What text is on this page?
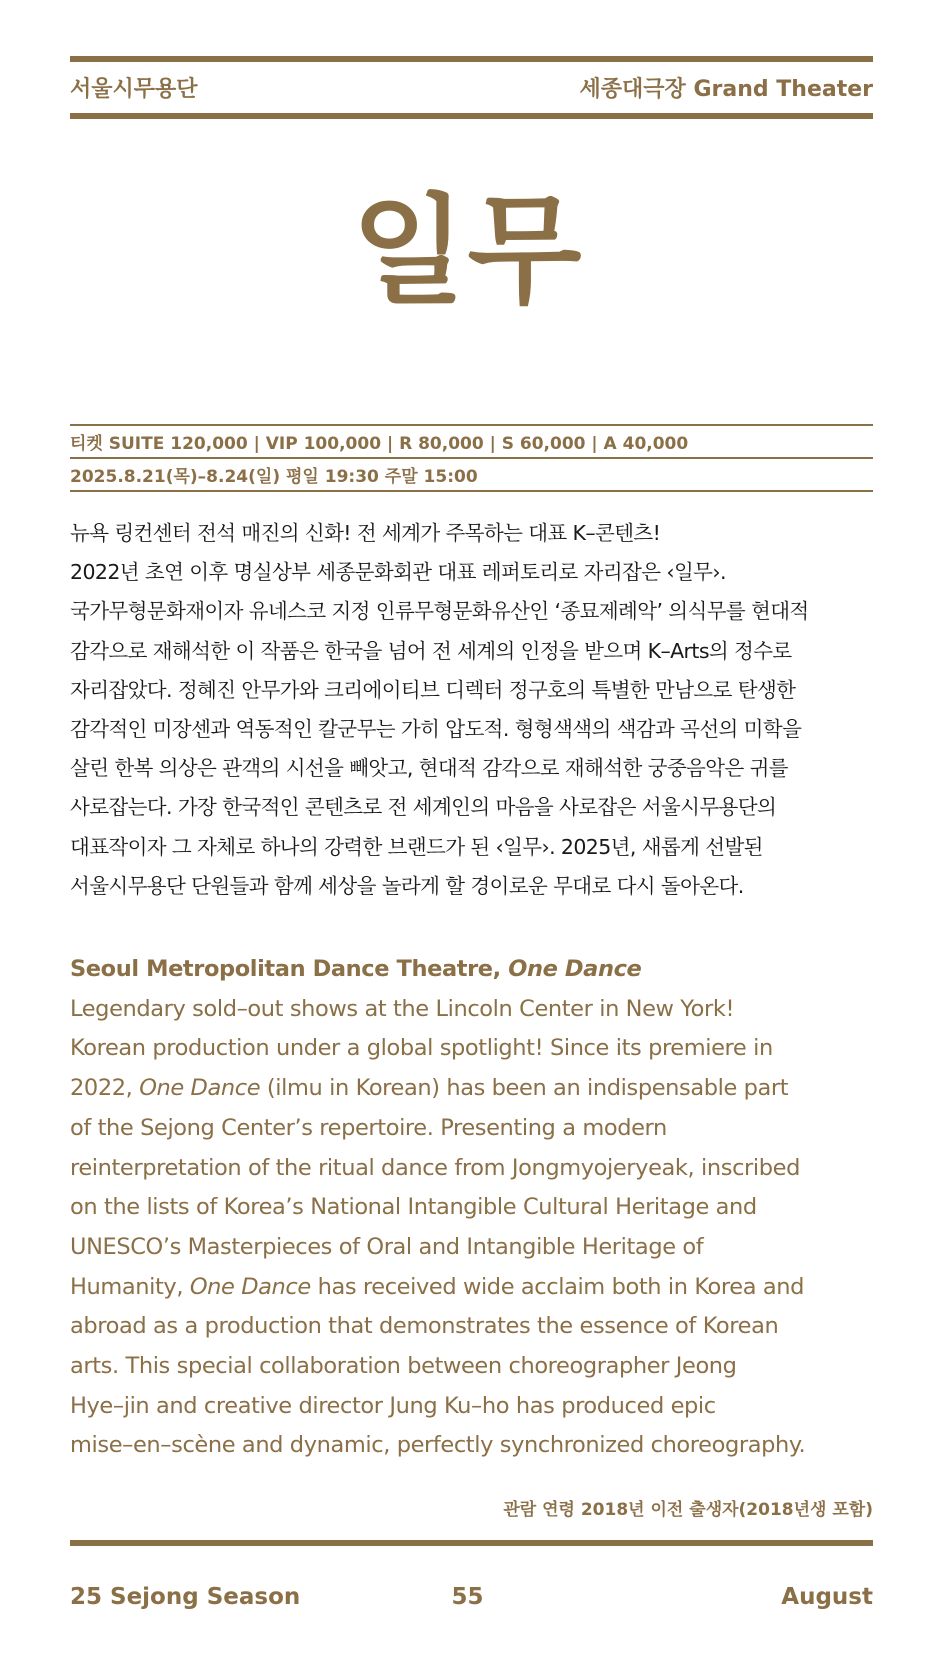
서울시무용단	세종대극장 Grand Theater
일무
티켓 SUITE 120,000 | VIP 100,000 | R 80,000 | S 60,000 | A 40,000
2025.8.21(목)–8.24(일) 평일 19:30 주말 15:00
뉴욕 링컨센터 전석 매진의 신화! 전 세계가 주목하는 대표 K–콘텐츠!
2022년 초연 이후 명실상부 세종문화회관 대표 레퍼토리로 자리잡은 ‹일무›.
국가무형문화재이자 유네스코 지정 인류무형문화유산인 ‘종묘제례악’ 의식무를 현대적
감각으로 재해석한 이 작품은 한국을 넘어 전 세계의 인정을 받으며 K–Arts의 정수로
자리잡았다. 정혜진 안무가와 크리에이티브 디렉터 정구호의 특별한 만남으로 탄생한
감각적인 미장센과 역동적인 칼군무는 가히 압도적. 형형색색의 색감과 곡선의 미학을
살린 한복 의상은 관객의 시선을 빼앗고, 현대적 감각으로 재해석한 궁중음악은 귀를
사로잡는다. 가장 한국적인 콘텐츠로 전 세계인의 마음을 사로잡은 서울시무용단의
대표작이자 그 자체로 하나의 강력한 브랜드가 된 ‹일무›. 2025년, 새롭게 선발된
서울시무용단 단원들과 함께 세상을 놀라게 할 경이로운 무대로 다시 돌아온다.
Seoul Metropolitan Dance Theatre, One Dance
Legendary sold–out shows at the Lincoln Center in New York!
Korean production under a global spotlight! Since its premiere in
2022, One Dance (ilmu in Korean) has been an indispensable part
of the Sejong Center’s repertoire. Presenting a modern
reinterpretation of the ritual dance from Jongmyojeryeak, inscribed
on the lists of Korea’s National Intangible Cultural Heritage and
UNESCO’s Masterpieces of Oral and Intangible Heritage of
Humanity, One Dance has received wide acclaim both in Korea and
abroad as a production that demonstrates the essence of Korean
arts. This special collaboration between choreographer Jeong
Hye–jin and creative director Jung Ku–ho has produced epic
mise–en–scène and dynamic, perfectly synchronized choreography.
관람 연령 2018년 이전 출생자(2018년생 포함)
25 Sejong Season	55	August
